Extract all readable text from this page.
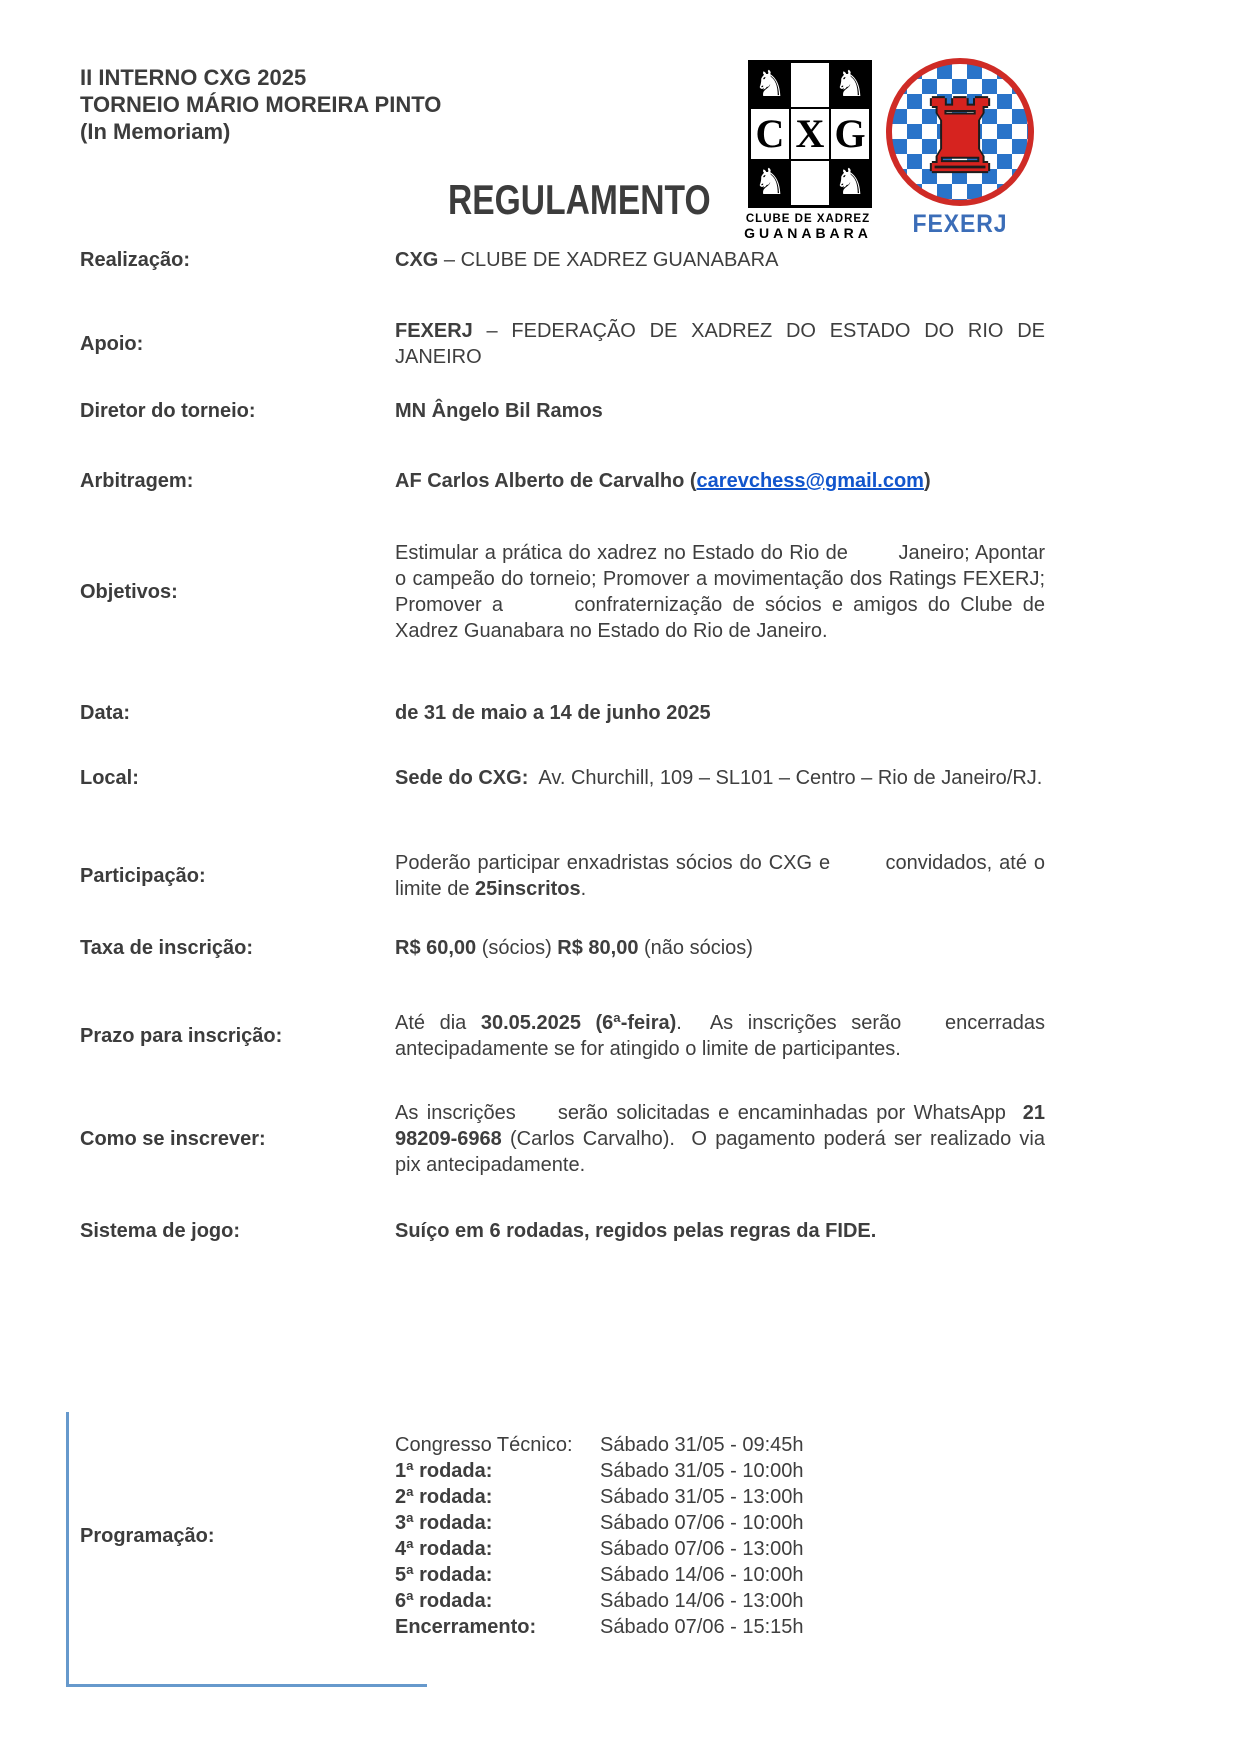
II INTERNO CXG 2025
TORNEIO MÁRIO MOREIRA PINTO
(In Memoriam)
REGULAMENTO
♞ ♞
C X G
♞ ♞
CLUBE DE XADREZ
GUANABARA
♜
FEXERJ
Realização:	CXG – CLUBE DE XADREZ GUANABARA
Apoio:
FEXERJ – FEDERAÇÃO DE XADREZ DO ESTADO DO RIO DE JANEIRO
Diretor do torneio:	MN Ângelo Bil Ramos
Arbitragem:	AF Carlos Alberto de Carvalho (carevchess@gmail.com)
Objetivos:
Estimular a prática do xadrez no Estado do Rio de        Janeiro; Apontar o campeão do torneio; Promover a movimentação dos Ratings FEXERJ; Promover a       confraternização de sócios e amigos do Clube de       Xadrez Guanabara no Estado do Rio de Janeiro.
Data:	de 31 de maio a 14 de junho 2025
Local:	Sede do CXG:  Av. Churchill, 109 – SL101 – Centro – Rio de Janeiro/RJ.
Participação:
Poderão participar enxadristas sócios do CXG e        convidados, até o limite de 25inscritos.
Taxa de inscrição:	R$ 60,00 (sócios) R$ 80,00 (não sócios)
Prazo para inscrição:
Até dia 30.05.2025 (6ª-feira).  As inscrições serão   encerradas antecipadamente se for atingido o limite de participantes.
Como se inscrever:
As inscrições     serão solicitadas e encaminhadas por WhatsApp  21 98209-6968 (Carlos Carvalho).  O pagamento poderá ser realizado via pix antecipadamente.
Sistema de jogo:	Suíço em 6 rodadas, regidos pelas regras da FIDE.
Programação:
Congresso Técnico:	Sábado 31/05 - 09:45h
1ª rodada:	Sábado 31/05 - 10:00h
2ª rodada:	Sábado 31/05 - 13:00h
3ª rodada:	Sábado 07/06 - 10:00h
4ª rodada:	Sábado 07/06 - 13:00h
5ª rodada:	Sábado 14/06 - 10:00h
6ª rodada:	Sábado 14/06 - 13:00h
Encerramento:	Sábado 07/06 - 15:15h
